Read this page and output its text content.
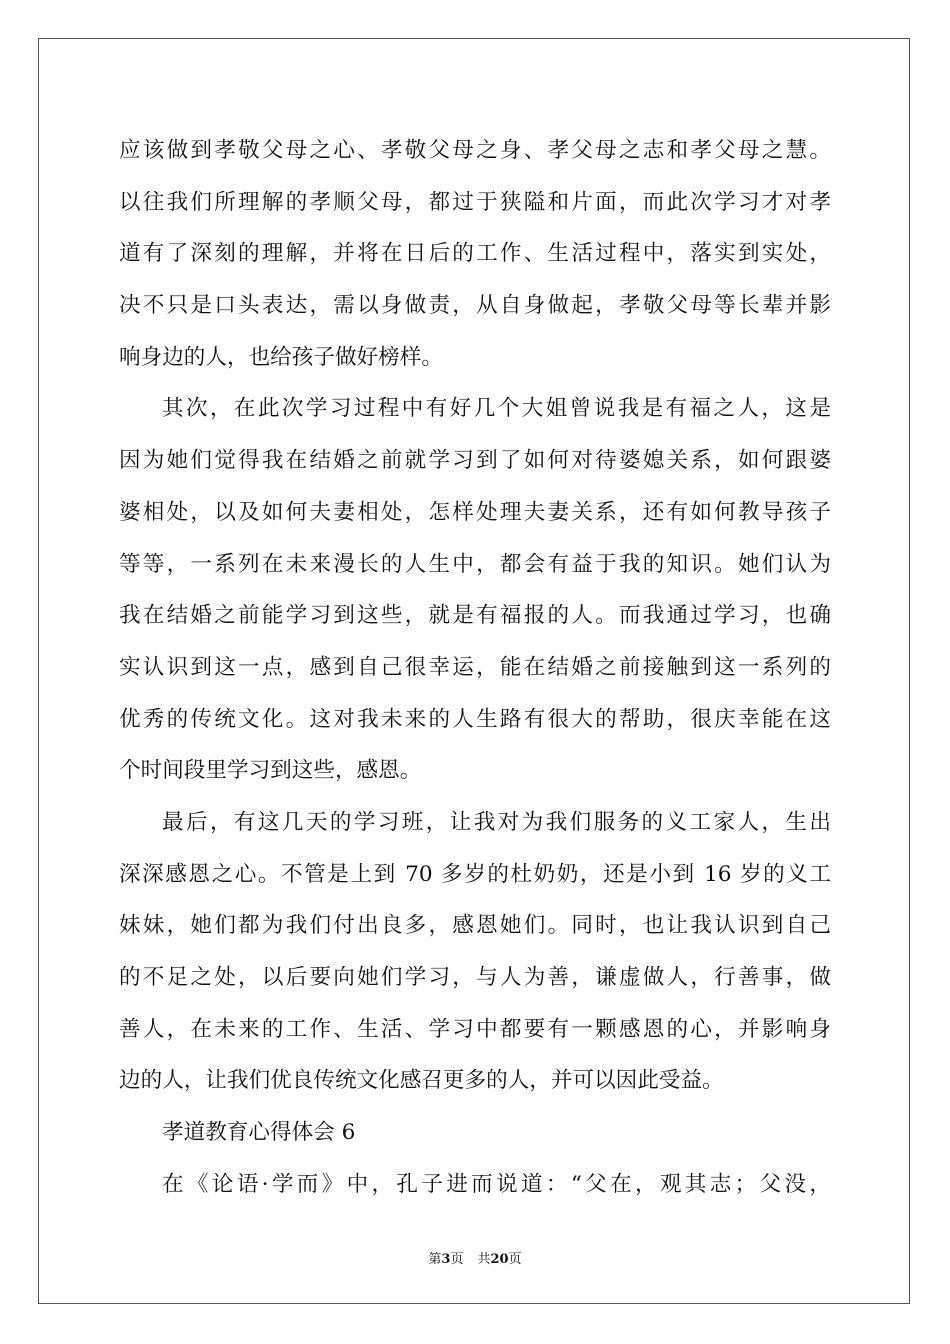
应该做到孝敬父母之心、孝敬父母之身、孝父母之志和孝父母之慧。
以往我们所理解的孝顺父母，都过于狭隘和片面，而此次学习才对孝
道有了深刻的理解，并将在日后的工作、生活过程中，落实到实处，
决不只是口头表达，需以身做责，从自身做起，孝敬父母等长辈并影
响身边的人，也给孩子做好榜样。
其次，在此次学习过程中有好几个大姐曾说我是有福之人，这是
因为她们觉得我在结婚之前就学习到了如何对待婆媳关系，如何跟婆
婆相处，以及如何夫妻相处，怎样处理夫妻关系，还有如何教导孩子
等等，一系列在未来漫长的人生中，都会有益于我的知识。她们认为
我在结婚之前能学习到这些，就是有福报的人。而我通过学习，也确
实认识到这一点，感到自己很幸运，能在结婚之前接触到这一系列的
优秀的传统文化。这对我未来的人生路有很大的帮助，很庆幸能在这
个时间段里学习到这些，感恩。
最后，有这几天的学习班，让我对为我们服务的义工家人，生出
深深感恩之心。不管是上到 70 多岁的杜奶奶，还是小到 16 岁的义工
妹妹，她们都为我们付出良多，感恩她们。同时，也让我认识到自己
的不足之处，以后要向她们学习，与人为善，谦虚做人，行善事，做
善人，在未来的工作、生活、学习中都要有一颗感恩的心，并影响身
边的人，让我们优良传统文化感召更多的人，并可以因此受益。
孝道教育心得体会 6
在《论语·学而》中，孔子进而说道：“父在，观其志；父没，
第3页 共20页
